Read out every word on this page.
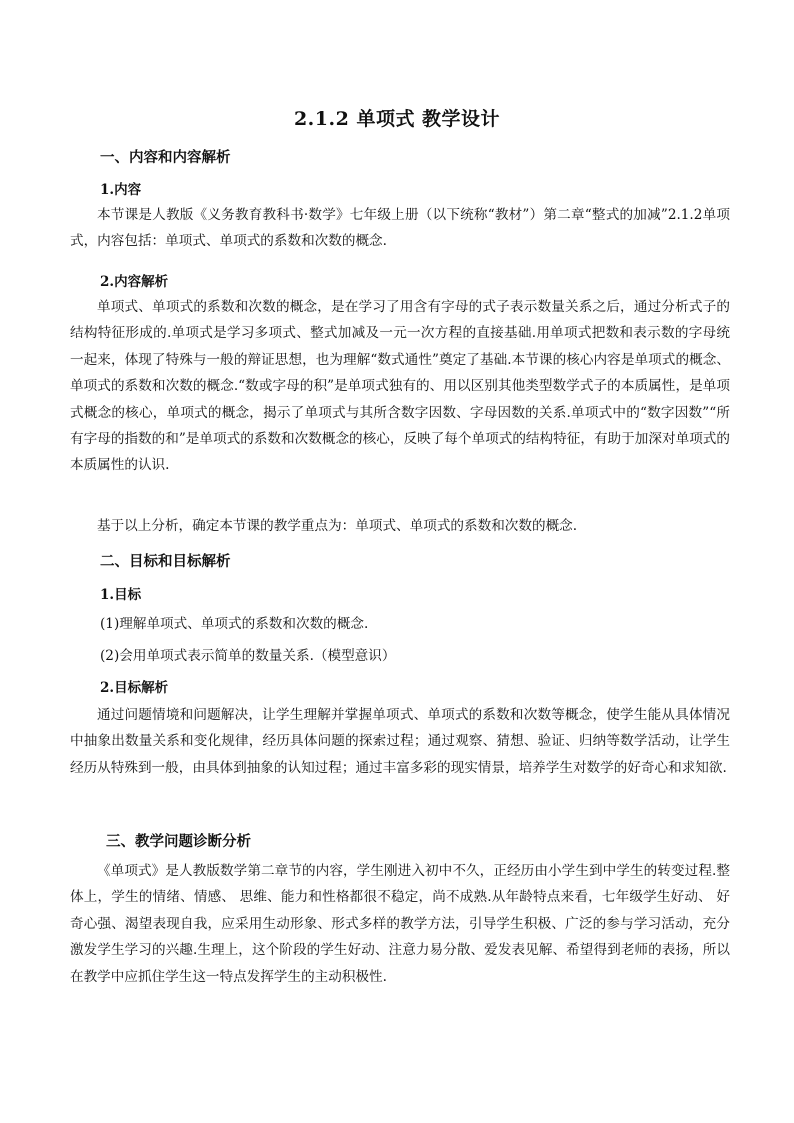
2.1.2 单项式 教学设计
一、内容和内容解析
1.内容
本节课是人教版《义务教育教科书·数学》七年级上册（以下统称“教材”）第二章“整式的加减”2.1.2单项式，内容包括：单项式、单项式的系数和次数的概念.
2.内容解析
单项式、单项式的系数和次数的概念，是在学习了用含有字母的式子表示数量关系之后，通过分析式子的结构特征形成的.单项式是学习多项式、整式加减及一元一次方程的直接基础.用单项式把数和表示数的字母统一起来，体现了特殊与一般的辩证思想，也为理解“数式通性”奠定了基础.本节课的核心内容是单项式的概念、单项式的系数和次数的概念.“数或字母的积”是单项式独有的、用以区别其他类型数学式子的本质属性，是单项式概念的核心，单项式的概念，揭示了单项式与其所含数字因数、字母因数的关系.单项式中的“数字因数”“所有字母的指数的和”是单项式的系数和次数概念的核心，反映了每个单项式的结构特征，有助于加深对单项式的本质属性的认识.
基于以上分析，确定本节课的教学重点为：单项式、单项式的系数和次数的概念.
二、目标和目标解析
1.目标
(1)理解单项式、单项式的系数和次数的概念.
(2)会用单项式表示简单的数量关系.（模型意识）
2.目标解析
通过问题情境和问题解决，让学生理解并掌握单项式、单项式的系数和次数等概念，使学生能从具体情况中抽象出数量关系和变化规律，经历具体问题的探索过程；通过观察、猜想、验证、归纳等数学活动，让学生经历从特殊到一般，由具体到抽象的认知过程；通过丰富多彩的现实情景，培养学生对数学的好奇心和求知欲.
三、教学问题诊断分析
《单项式》是人教版数学第二章节的内容，学生刚进入初中不久，正经历由小学生到中学生的转变过程.整体上，学生的情绪、情感、 思维、能力和性格都很不稳定，尚不成熟.从年龄特点来看，七年级学生好动、 好奇心强、渴望表现自我，应采用生动形象、形式多样的教学方法，引导学生积极、广泛的参与学习活动，充分激发学生学习的兴趣.生理上，这个阶段的学生好动、注意力易分散、爱发表见解、希望得到老师的表扬，所以在教学中应抓住学生这一特点发挥学生的主动积极性.
